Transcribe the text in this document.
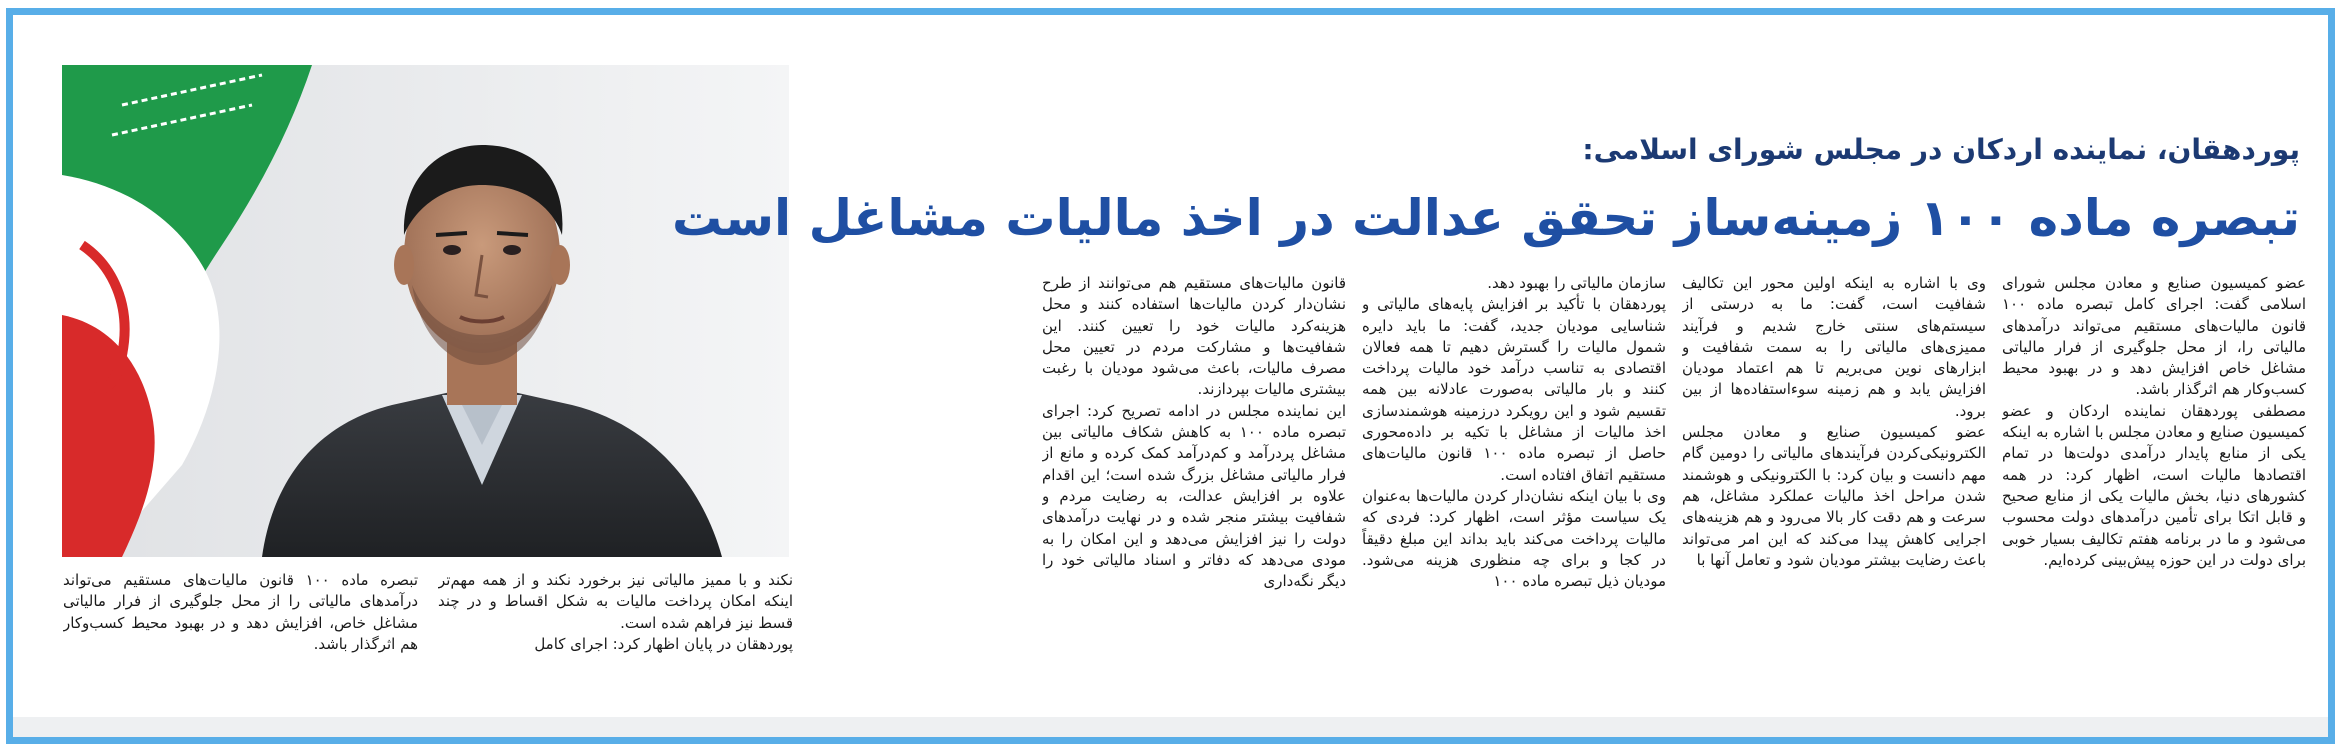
پوردهقان، نماینده اردکان در مجلس شورای اسلامی:
تبصره ماده ۱۰۰ زمینه‌ساز تحقق عدالت در اخذ مالیات مشاغل است

عضو کمیسیون صنایع و معادن مجلس شورای اسلامی گفت: اجرای کامل تبصره ماده ۱۰۰ قانون مالیات‌های مستقیم می‌تواند درآمدهای مالیاتی را، از محل جلوگیری از فرار مالیاتی مشاغل خاص افزایش دهد و در بهبود محیط کسب‌وکار هم اثرگذار باشد.

مصطفی پوردهقان نماینده اردکان و عضو کمیسیون صنایع و معادن مجلس با اشاره به اینکه یکی از منابع پایدار درآمدی دولت‌ها در تمام اقتصادها مالیات است، اظهار کرد: در همه کشورهای دنیا، بخش مالیات یکی از منابع صحیح و قابل اتکا برای تأمین درآمدهای دولت محسوب می‌شود و ما در برنامه هفتم تکالیف بسیار خوبی برای دولت در این حوزه پیش‌بینی کرده‌ایم.

وی با اشاره به اینکه اولین محور این تکالیف شفافیت است، گفت: ما به درستی از سیستم‌های سنتی خارج شدیم و فرآیند ممیزی‌های مالیاتی را به سمت شفافیت و ابزارهای نوین می‌بریم تا هم اعتماد مودیان افزایش یابد و هم زمینه سوء‌استفاده‌ها از بین برود.

عضو کمیسیون صنایع و معادن مجلس الکترونیکی‌کردن فرآیندهای مالیاتی را دومین گام مهم دانست و بیان کرد: با الکترونیکی و هوشمند شدن مراحل اخذ مالیات عملکرد مشاغل، هم سرعت و هم دقت کار بالا می‌رود و هم هزینه‌های اجرایی کاهش پیدا می‌کند که این امر می‌تواند باعث رضایت بیشتر مودیان شود و تعامل آنها با

سازمان مالیاتی را بهبود دهد.

پوردهقان با تأکید بر افزایش پایه‌های مالیاتی و شناسایی مودیان جدید، گفت: ما باید دایره شمول مالیات را گسترش دهیم تا همه فعالان اقتصادی به تناسب درآمد خود مالیات پرداخت کنند و بار مالیاتی به‌صورت عادلانه بین همه تقسیم شود و این رویکرد درزمینه هوشمندسازی اخذ مالیات از مشاغل با تکیه بر داده‌محوری حاصل از تبصره ماده ۱۰۰ قانون مالیات‌های مستقیم اتفاق افتاده است.

وی با بیان اینکه نشان‌دار کردن مالیات‌ها به‌عنوان یک سیاست مؤثر است، اظهار کرد: فردی که مالیات پرداخت می‌کند باید بداند این مبلغ دقیقاً در کجا و برای چه منظوری هزینه می‌شود. مودیان ذیل تبصره ماده ۱۰۰

قانون مالیات‌های مستقیم هم می‌توانند از طرح نشان‌دار کردن مالیات‌ها استفاده کنند و محل هزینه‌کرد مالیات خود را تعیین کنند. این شفافیت‌ها و مشارکت مردم در تعیین محل مصرف مالیات، باعث می‌شود مودیان با رغبت بیشتری مالیات بپردازند.

این نماینده مجلس در ادامه تصریح کرد: اجرای تبصره ماده ۱۰۰ به کاهش شکاف مالیاتی بین مشاغل پردرآمد و کم‌درآمد کمک کرده و مانع از فرار مالیاتی مشاغل بزرگ شده است؛ این اقدام علاوه بر افزایش عدالت، به رضایت مردم و شفافیت بیشتر منجر شده و در نهایت درآمدهای دولت را نیز افزایش می‌دهد و این امکان را به مودی می‌دهد که دفاتر و اسناد مالیاتی خود را دیگر نگه‌داری

نکند و با ممیز مالیاتی نیز برخورد نکند و از همه مهم‌تر اینکه امکان پرداخت مالیات به شکل اقساط و در چند قسط نیز فراهم شده است.

پوردهقان در پایان اظهار کرد: اجرای کامل

تبصره ماده ۱۰۰ قانون مالیات‌های مستقیم می‌تواند درآمدهای مالیاتی را از محل جلوگیری از فرار مالیاتی مشاغل خاص، افزایش دهد و در بهبود محیط کسب‌وکار هم اثرگذار باشد.
